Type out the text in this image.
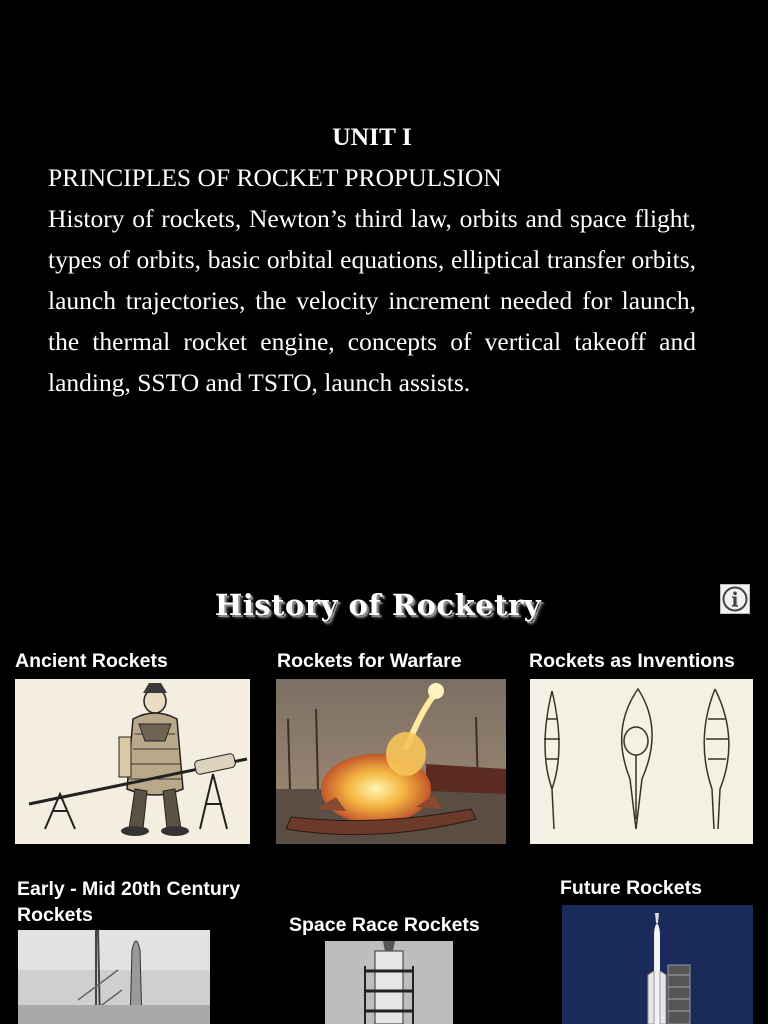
UNIT I
PRINCIPLES OF ROCKET PROPULSION
History of rockets, Newton’s third law, orbits and space flight, types of orbits, basic orbital equations, elliptical transfer orbits, launch trajectories, the velocity increment needed for launch, the thermal rocket engine, concepts of vertical takeoff and landing, SSTO and TSTO, launch assists.
History of Rocketry
Ancient Rockets	Rockets for Warfare	Rockets as Inventions
Early - Mid 20th Century Rockets	Space Race Rockets
Future Rockets
